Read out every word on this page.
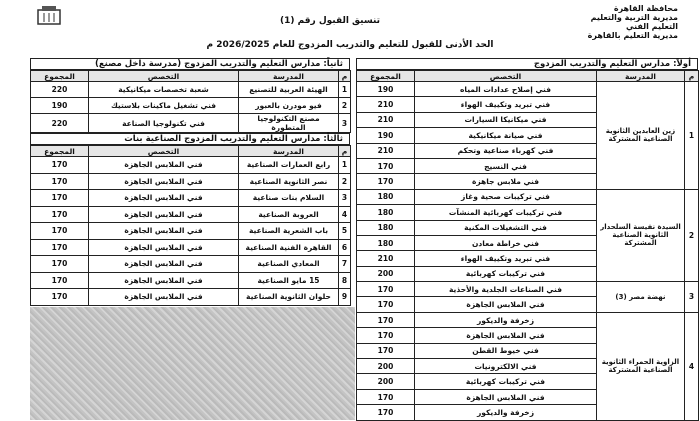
محافظة القاهرة
مديرية التربية والتعليم
التعليم الفني
مديرية التعليم بالقاهرة
تنسيق القبول رقم (1)
الحد الأدنى للقبول للتعليم والتدريب المزدوج للعام 2026/2025 م
أولاً: مدارس التعليم والتدريب المزدوج
م	المدرسة	التخصص	المجموع
1	زين العابدين الثانوية الصناعية المشتركة	فني إصلاح عدادات المياه	190
		فني تبريد وتكييف الهواء	210
		فني ميكانيكا السيارات	210
		فني صيانة ميكانيكية	190
		فني كهرباء صناعية وتحكم	210
		فني النسيج	170
		فني ملابس جاهزة	170
2	السيدة نفيسة السلحدار الثانوية الصناعية المشتركة	فني تركيبات صحية وغاز	180
		فني تركيبات كهربائية المنشآت	180
		فني التشغيلات المكنية	180
		فني خراطة معادن	180
		فني تبريد وتكييف الهواء	210
		فني تركيبات كهربائية	200
3	نهضة مصر (3)	فني الصناعات الجلدية والأحذية	170
		فني الملابس الجاهزة	170
4	الزاوية الحمراء الثانوية الصناعية المشتركة	زخرفة والديكور	170
		فني الملابس الجاهزة	170
		فني خيوط القطن	170
		فني الالكترونيات	200
		فني تركيبات كهربائية	200
		فني الملابس الجاهزة	170
		زخرفة والديكور	170
ثانياً: مدارس التعليم والتدريب المزدوج (مدرسة داخل مصنع)
م	المدرسة	التخصص	المجموع
1	الهيئة العربية للتصنيع	شعبة تخصصات ميكانيكية	220
2	فيو مودرن بالعبور	فني تشغيل ماكينات بلاستيك	190
3	مصنع التكنولوجيا المتطورة	فني تكنولوجيا الصناعة	220
ثالثاً: مدارس التعليم والتدريب المزدوج الصناعية بنات
م	المدرسة	التخصص	المجموع
1	رابع العمارات الصناعية	فني الملابس الجاهزة	170
2	نصر الثانوية الصناعية	فني الملابس الجاهزة	170
3	السلام بنات صناعية	فني الملابس الجاهزة	170
4	العروبة الصناعية	فني الملابس الجاهزة	170
5	باب الشعرية الصناعية	فني الملابس الجاهزة	170
6	القاهرة الفنية الصناعية	فني الملابس الجاهزة	170
7	المعادي الصناعية	فني الملابس الجاهزة	170
8	15 مايو الصناعية	فني الملابس الجاهزة	170
9	حلوان الثانوية الصناعية	فني الملابس الجاهزة	170
